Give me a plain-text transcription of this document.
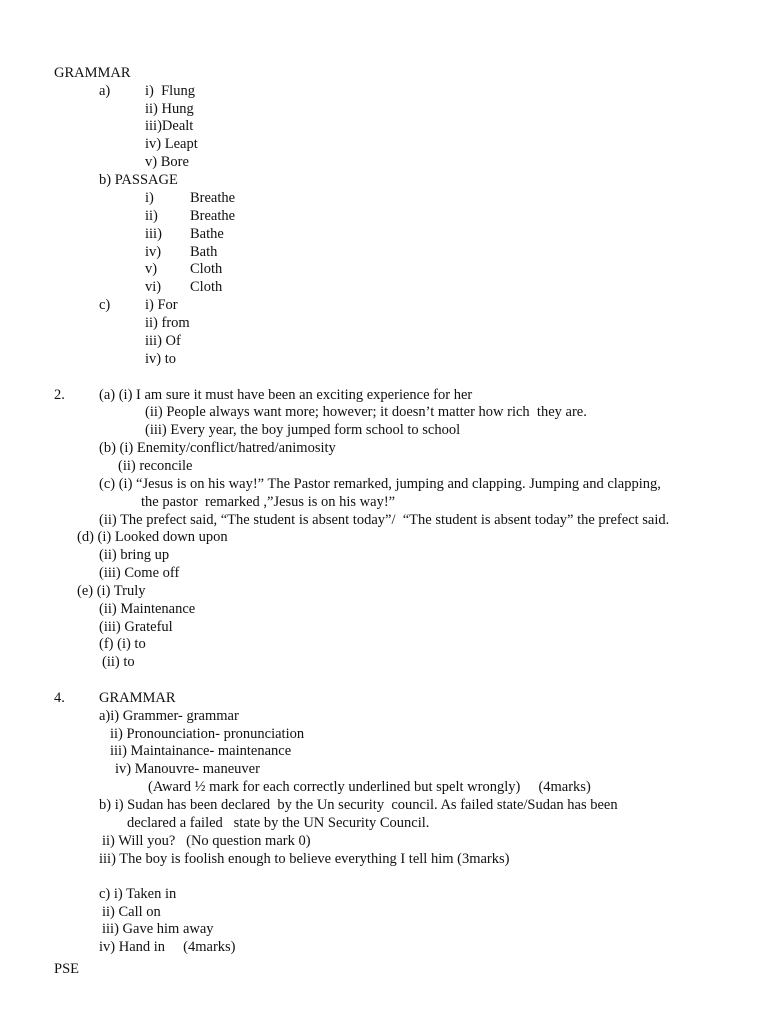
GRAMMAR
a) i)  Flung
ii) Hung
iii)Dealt
iv) Leapt
v) Bore
b) PASSAGE
i) Breathe
ii) Breathe
iii) Bathe
iv) Bath
v) Cloth
vi) Cloth
c) i) For
ii) from
iii) Of
iv) to
2. (a) (i) I am sure it must have been an exciting experience for her
(ii) People always want more; however; it doesn’t matter how rich  they are.
(iii) Every year, the boy jumped form school to school
(b) (i) Enemity/conflict/hatred/animosity
(ii) reconcile
(c) (i) “Jesus is on his way!” The Pastor remarked, jumping and clapping. Jumping and clapping,
the pastor  remarked ,”Jesus is on his way!”
(ii) The prefect said, “The student is absent today”/  “The student is absent today” the prefect said.
(d) (i) Looked down upon
(ii) bring up
(iii) Come off
(e) (i) Truly
(ii) Maintenance
(iii) Grateful
(f) (i) to
(ii) to
4. GRAMMAR
a)i) Grammer- grammar
ii) Pronounciation- pronunciation
iii) Maintainance- maintenance
iv) Manouvre- maneuver
(Award ½ mark for each correctly underlined but spelt wrongly)     (4marks)
b) i) Sudan has been declared  by the Un security  council. As failed state/Sudan has been
declared a failed   state by the UN Security Council.
ii) Will you?   (No question mark 0)
iii) The boy is foolish enough to believe everything I tell him (3marks)
c) i) Taken in
ii) Call on
iii) Gave him away
iv) Hand in     (4marks)
PSE
